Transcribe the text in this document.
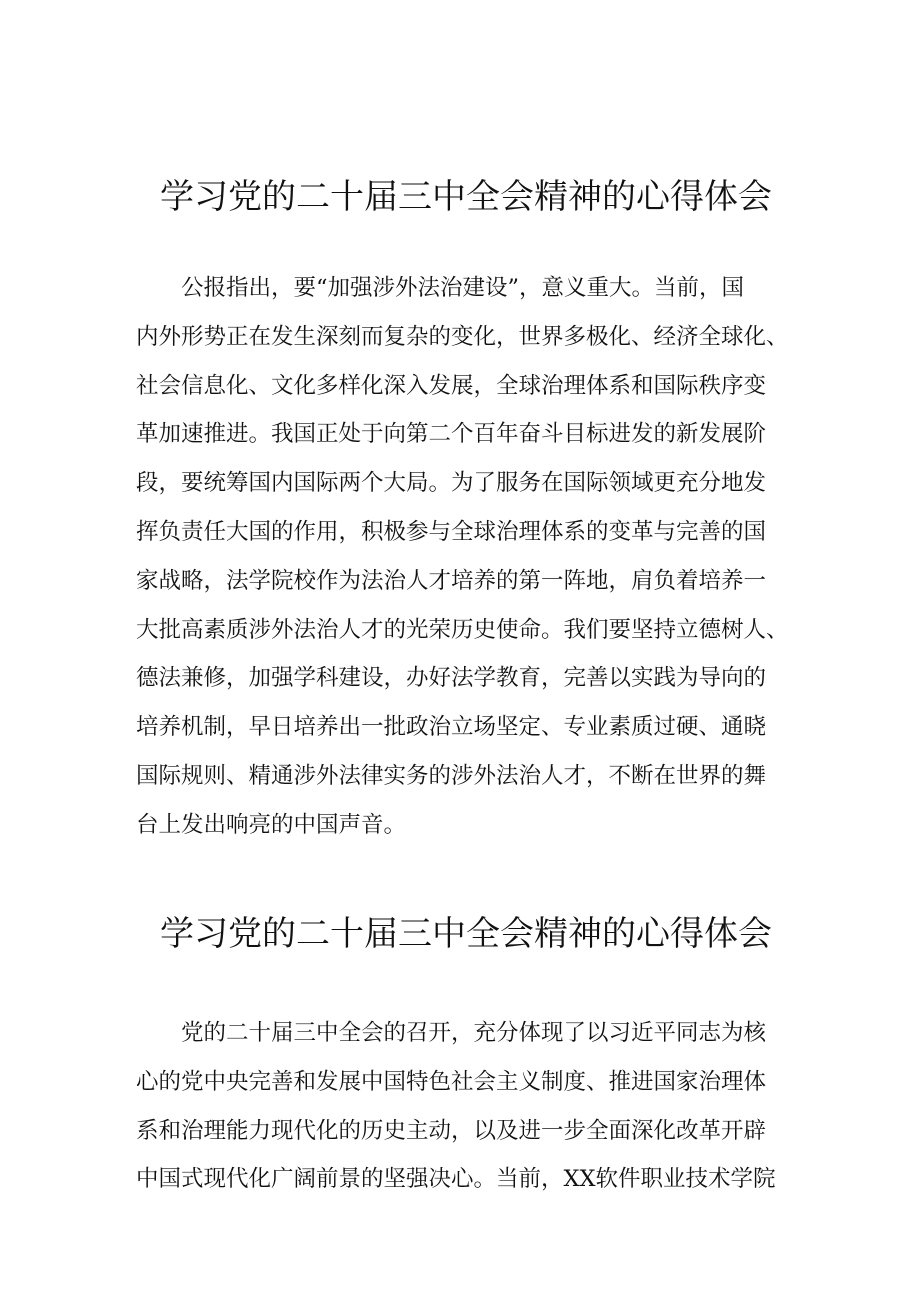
学习党的二十届三中全会精神的心得体会

公报指出，要“加强涉外法治建设”，意义重大。当前，国
内外形势正在发生深刻而复杂的变化，世界多极化、经济全球化、
社会信息化、文化多样化深入发展，全球治理体系和国际秩序变
革加速推进。我国正处于向第二个百年奋斗目标进发的新发展阶
段，要统筹国内国际两个大局。为了服务在国际领域更充分地发
挥负责任大国的作用，积极参与全球治理体系的变革与完善的国
家战略，法学院校作为法治人才培养的第一阵地，肩负着培养一
大批高素质涉外法治人才的光荣历史使命。我们要坚持立德树人、
德法兼修，加强学科建设，办好法学教育，完善以实践为导向的
培养机制，早日培养出一批政治立场坚定、专业素质过硬、通晓
国际规则、精通涉外法律实务的涉外法治人才，不断在世界的舞
台上发出响亮的中国声音。

学习党的二十届三中全会精神的心得体会

党的二十届三中全会的召开，充分体现了以习近平同志为核
心的党中央完善和发展中国特色社会主义制度、推进国家治理体
系和治理能力现代化的历史主动，以及进一步全面深化改革开辟
中国式现代化广阔前景的坚强决心。当前，XX软件职业技术学院
